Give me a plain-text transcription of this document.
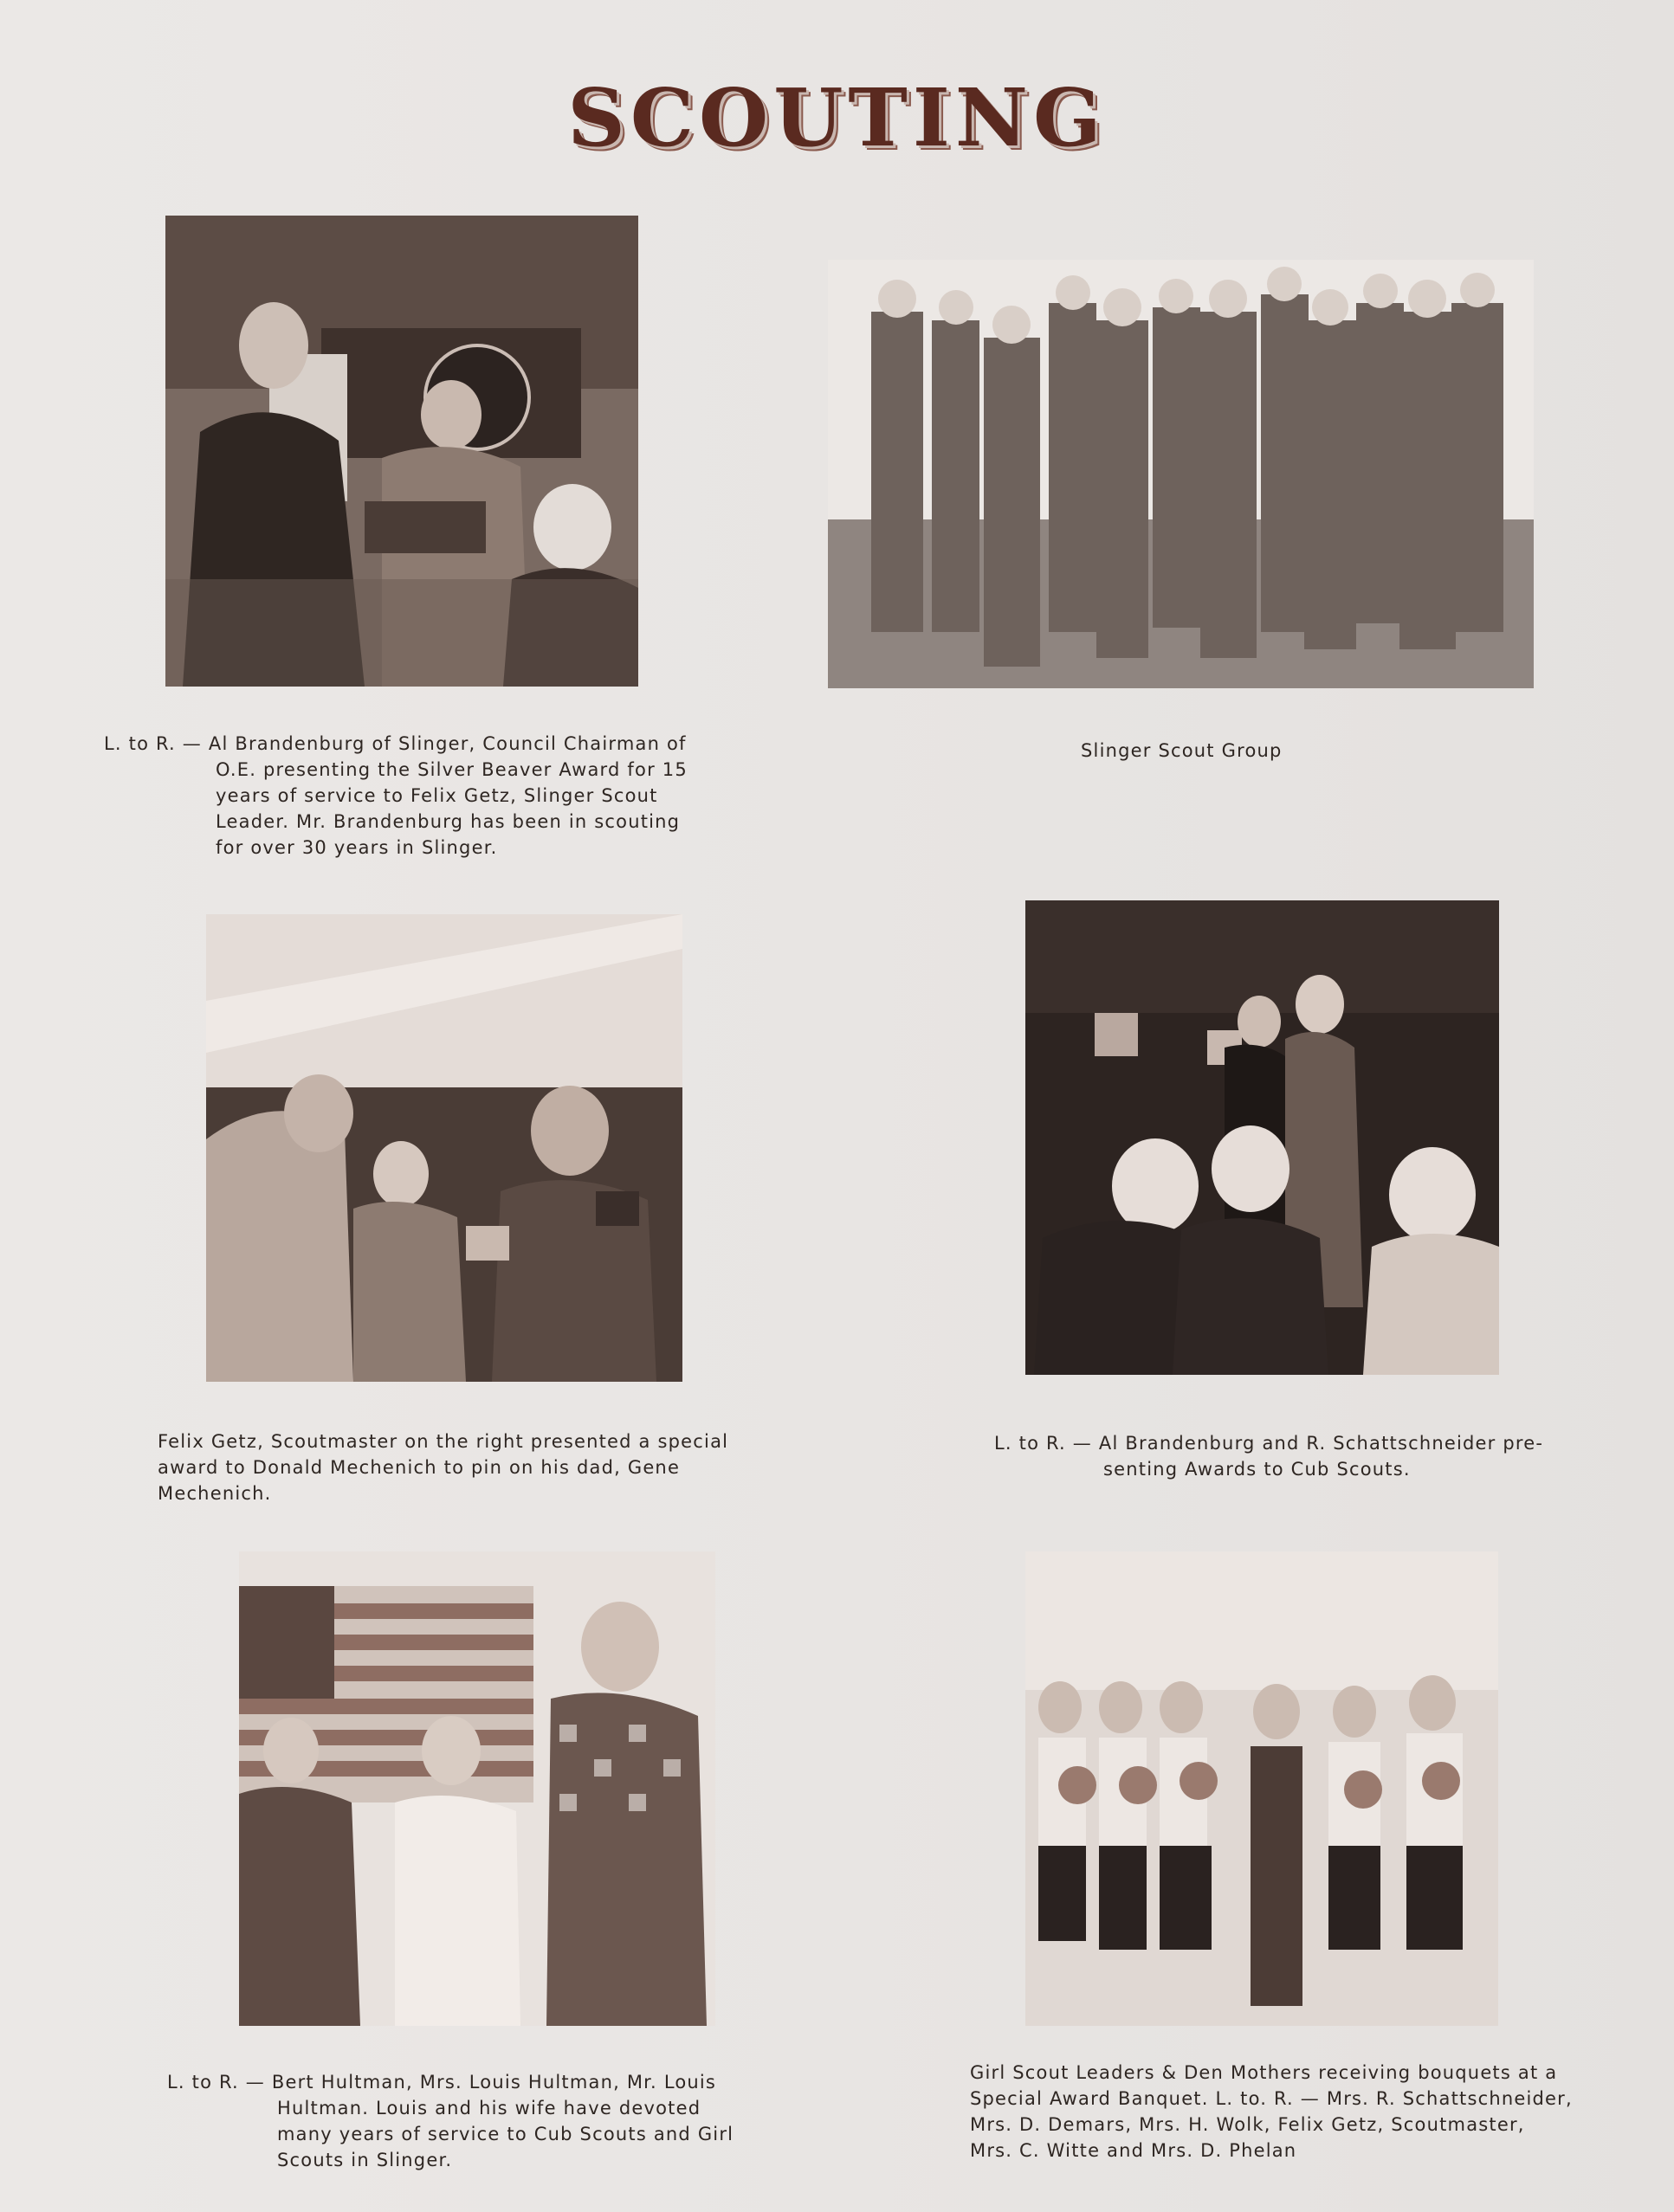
SCOUTING
L. to R. — Al Brandenburg of Slinger, Council Chairman of
O.E. presenting the Silver Beaver Award for 15
years of service to Felix Getz, Slinger Scout
Leader. Mr. Brandenburg has been in scouting
for over 30 years in Slinger.
Slinger Scout Group
Felix Getz, Scoutmaster on the right presented a special
award to Donald Mechenich to pin on his dad, Gene
Mechenich.
L. to R. — Al Brandenburg and R. Schattschneider pre-
senting Awards to Cub Scouts.
L. to R. — Bert Hultman, Mrs. Louis Hultman, Mr. Louis
Hultman. Louis and his wife have devoted
many years of service to Cub Scouts and Girl
Scouts in Slinger.
Girl Scout Leaders & Den Mothers receiving bouquets at a
Special Award Banquet. L. to. R. — Mrs. R. Schattschneider,
Mrs. D. Demars, Mrs. H. Wolk, Felix Getz, Scoutmaster,
Mrs. C. Witte and Mrs. D. Phelan
